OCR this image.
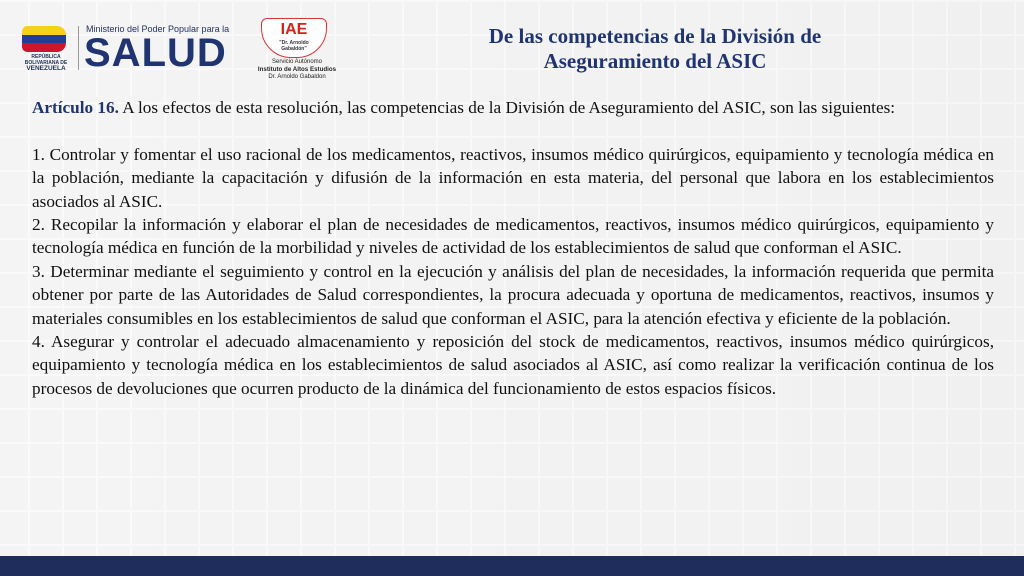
REPÚBLICA BOLIVARIANA DE
VENEZUELA
Ministerio del Poder Popular para la
SALUD
IAE
"Dr. Arnoldo
Gabaldón"
Servicio Autónomo
Instituto de Altos Estudios
Dr. Arnoldo Gabaldon
De las competencias de la División de
Aseguramiento del ASIC

Artículo 16. A los efectos de esta resolución, las competencias de la División de Aseguramiento del ASIC, son las siguientes:

1. Controlar y fomentar el uso racional de los medicamentos, reactivos, insumos médico quirúrgicos, equipamiento y tecnología médica en la población, mediante la capacitación y difusión de la información en esta materia, del personal que labora en los establecimientos asociados al ASIC.

2. Recopilar la información y elaborar el plan de necesidades de medicamentos, reactivos, insumos médico quirúrgicos, equipamiento y tecnología médica en función de la morbilidad y niveles de actividad de los establecimientos de salud que conforman el ASIC.

3. Determinar mediante el seguimiento y control en la ejecución y análisis del plan de necesidades, la información requerida que permita obtener por parte de las Autoridades de Salud correspondientes, la procura adecuada y oportuna de medicamentos, reactivos, insumos y materiales consumibles en los establecimientos de salud que conforman el ASIC, para la atención efectiva y eficiente de la población.

4. Asegurar y controlar el adecuado almacenamiento y reposición del stock de medicamentos, reactivos, insumos médico quirúrgicos, equipamiento y tecnología médica en los establecimientos de salud asociados al ASIC, así como realizar la verificación continua de los procesos de devoluciones que ocurren producto de la dinámica del funcionamiento de estos espacios físicos.
